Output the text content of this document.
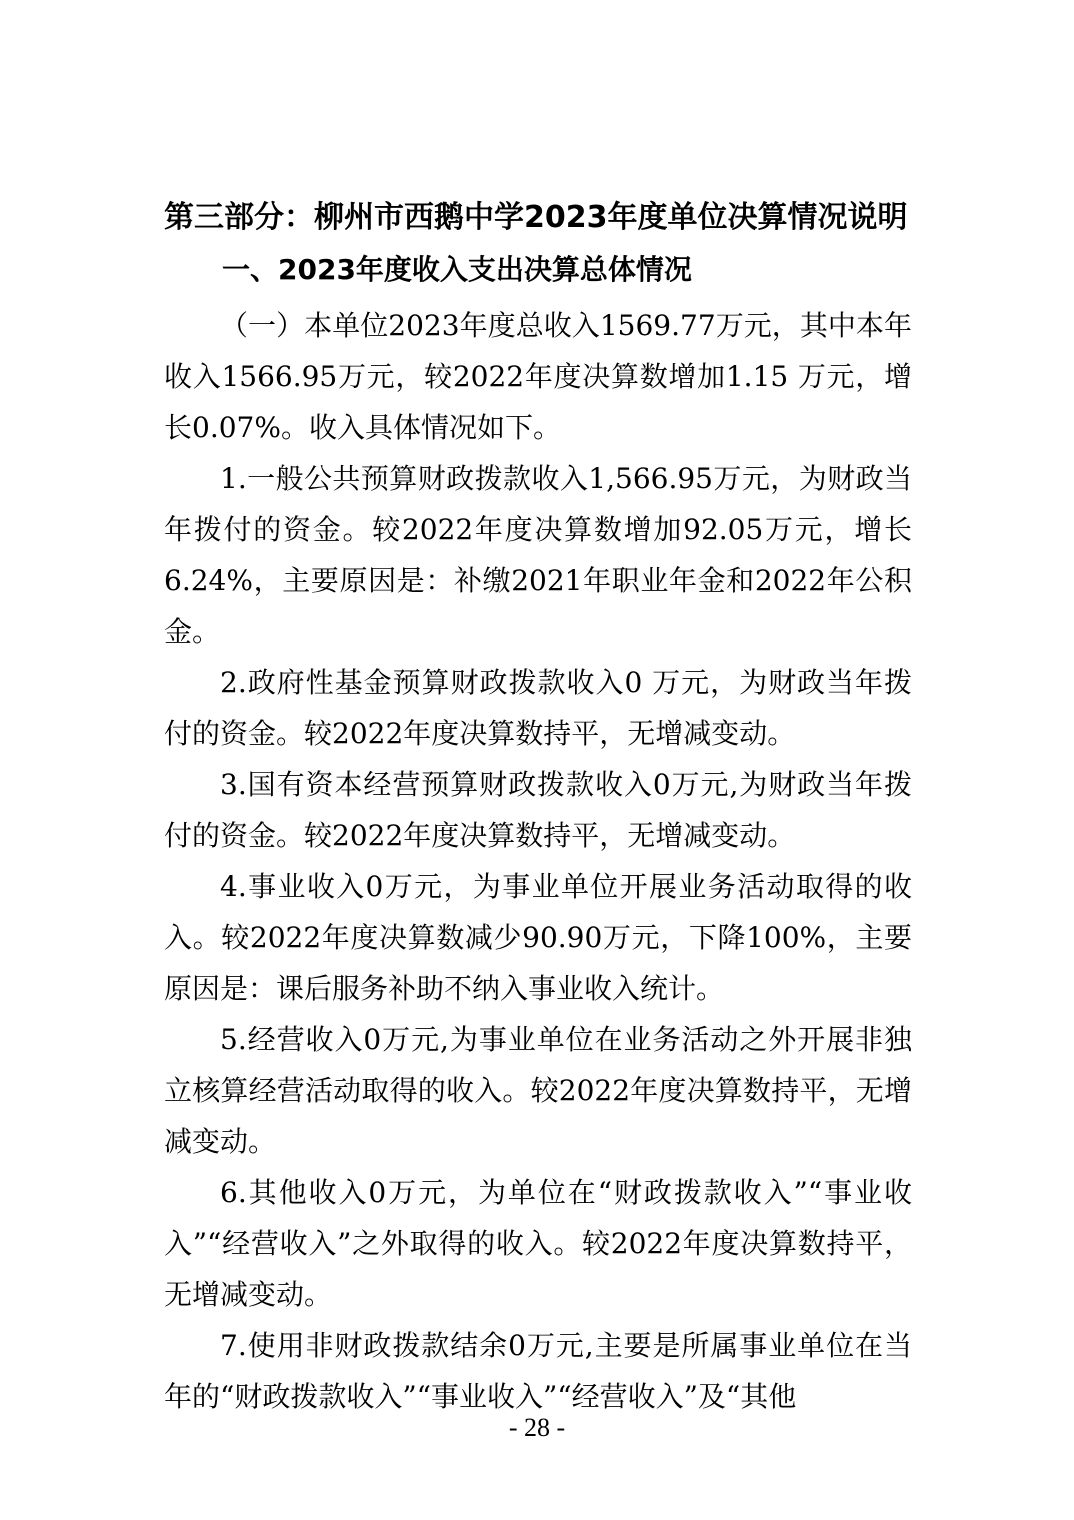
第三部分：柳州市西鹅中学2023年度单位决算情况说明
一、2023年度收入支出决算总体情况

（一）本单位2023年度总收入1569.77万元，其中本年收入1566.95万元，较2022年度决算数增加1.15 万元，增长0.07%。收入具体情况如下。

1.一般公共预算财政拨款收入1,566.95万元，为财政当年拨付的资金。较2022年度决算数增加92.05万元，增长6.24%，主要原因是：补缴2021年职业年金和2022年公积金。

2.政府性基金预算财政拨款收入0 万元，为财政当年拨付的资金。较2022年度决算数持平，无增减变动。

3.国有资本经营预算财政拨款收入0万元,为财政当年拨付的资金。较2022年度决算数持平，无增减变动。

4.事业收入0万元，为事业单位开展业务活动取得的收入。较2022年度决算数减少90.90万元，下降100%，主要原因是：课后服务补助不纳入事业收入统计。

5.经营收入0万元,为事业单位在业务活动之外开展非独立核算经营活动取得的收入。较2022年度决算数持平，无增减变动。

6.其他收入0万元，为单位在“财政拨款收入”“事业收入”“经营收入”之外取得的收入。较2022年度决算数持平，无增减变动。

7.使用非财政拨款结余0万元,主要是所属事业单位在当年的“财政拨款收入”“事业收入”“经营收入”及“其他

- 28 -
